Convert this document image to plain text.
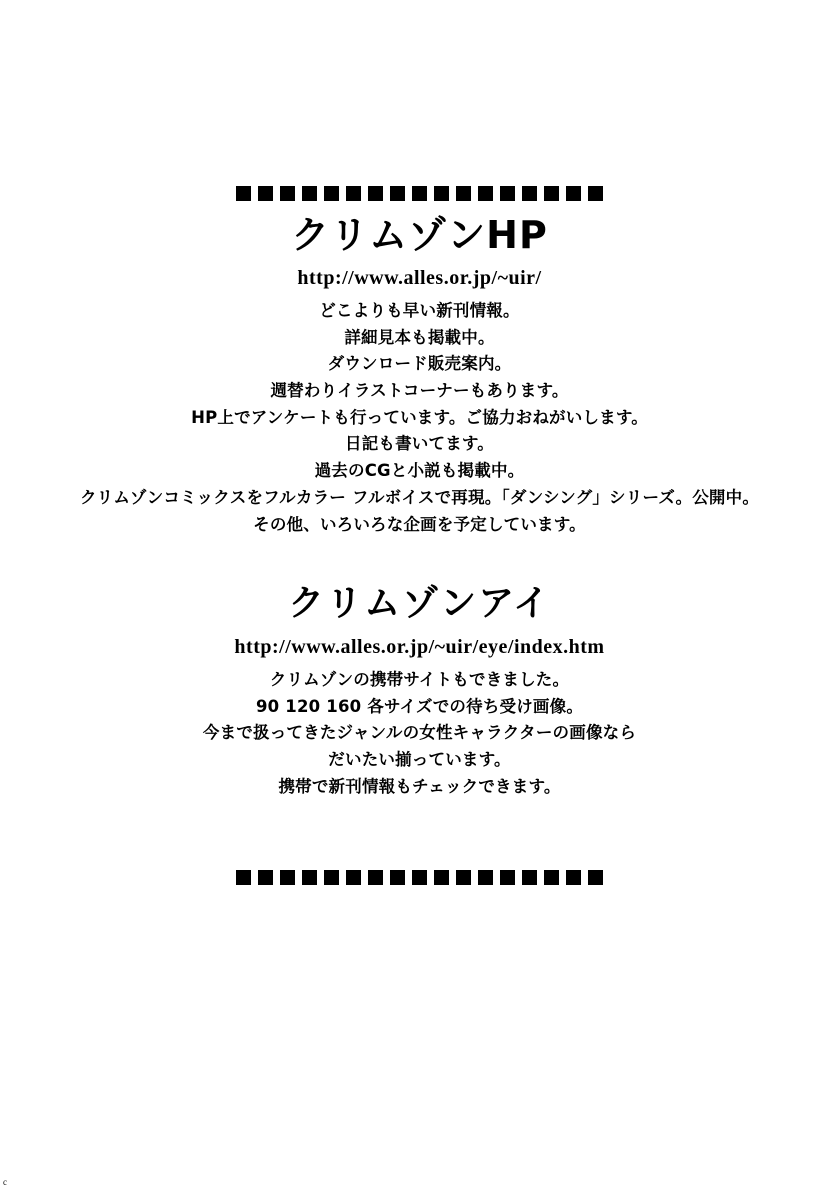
クリムゾンHP
http://www.alles.or.jp/~uir/
どこよりも早い新刊情報。
詳細見本も掲載中。
ダウンロード販売案内。
週替わりイラストコーナーもあります。
HP上でアンケートも行っています。ご協力おねがいします。
日記も書いてます。
過去のCGと小説も掲載中。
クリムゾンコミックスをフルカラー フルボイスで再現。「ダンシング」シリーズ。公開中。
その他、いろいろな企画を予定しています。
クリムゾンアイ
http://www.alles.or.jp/~uir/eye/index.htm
クリムゾンの携帯サイトもできました。
90 120 160 各サイズでの待ち受け画像。
今まで扱ってきたジャンルの女性キャラクターの画像なら
だいたい揃っています。
携帯で新刊情報もチェックできます。
c
